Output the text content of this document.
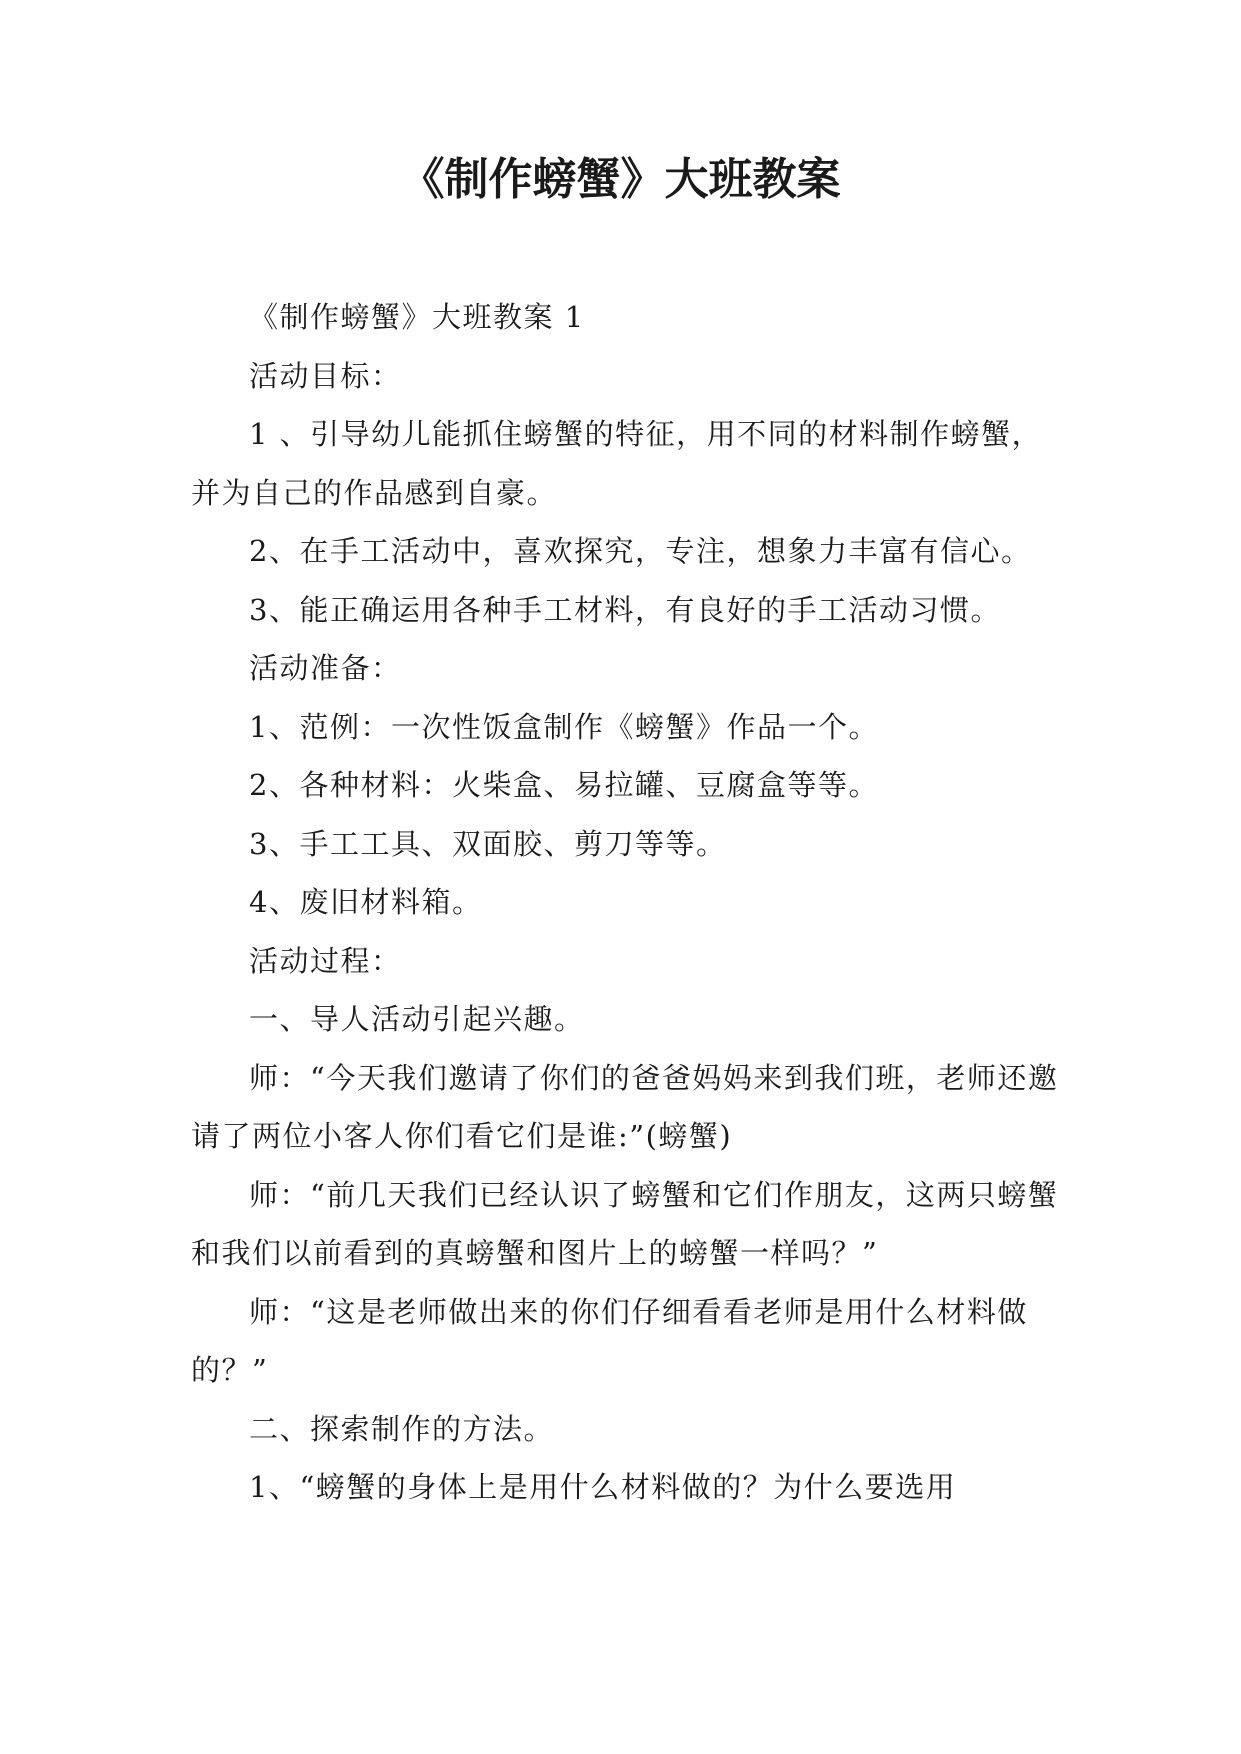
《制作螃蟹》大班教案

《制作螃蟹》大班教案 1

活动目标：

1 、引导幼儿能抓住螃蟹的特征，用不同的材料制作螃蟹，并为自己的作品感到自豪。

2、在手工活动中，喜欢探究，专注，想象力丰富有信心。

3、能正确运用各种手工材料，有良好的手工活动习惯。

活动准备：

1、范例：一次性饭盒制作《螃蟹》作品一个。

2、各种材料：火柴盒、易拉罐、豆腐盒等等。

3、手工工具、双面胶、剪刀等等。

4、废旧材料箱。

活动过程：

一、导人活动引起兴趣。

师：“今天我们邀请了你们的爸爸妈妈来到我们班，老师还邀请了两位小客人你们看它们是谁:”(螃蟹)

师：“前几天我们已经认识了螃蟹和它们作朋友，这两只螃蟹和我们以前看到的真螃蟹和图片上的螃蟹一样吗？”

师：“这是老师做出来的你们仔细看看老师是用什么材料做的？”

二、探索制作的方法。

1、“螃蟹的身体上是用什么材料做的？为什么要选用
